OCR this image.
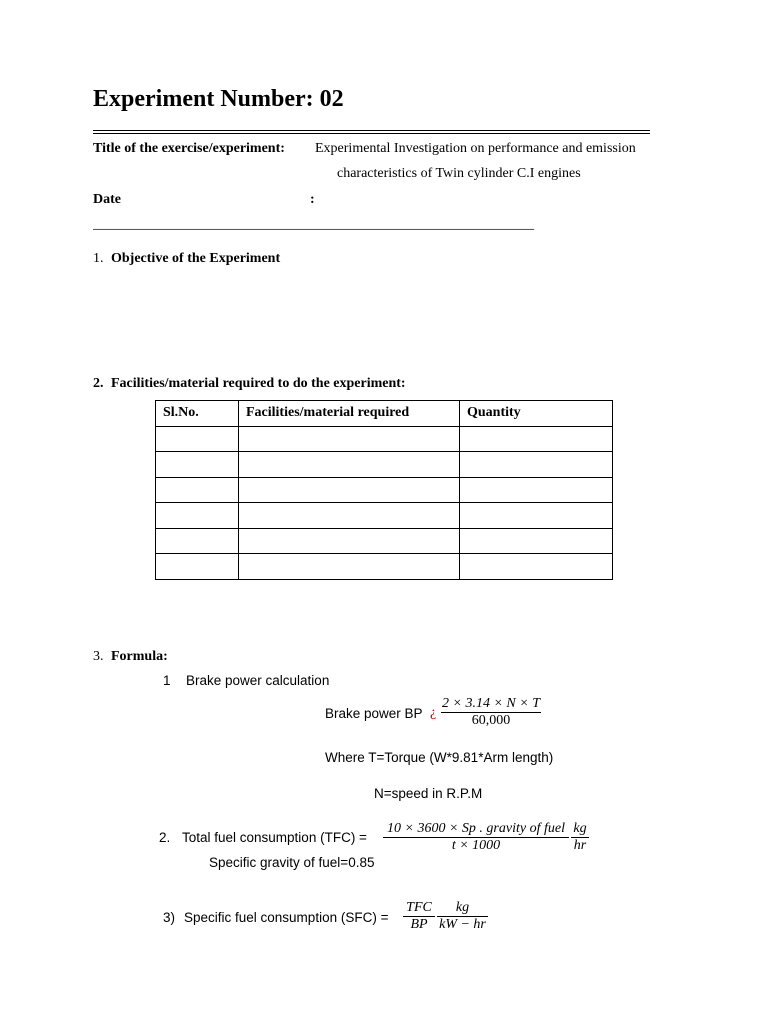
Experiment Number: 02
Title of the exercise/experiment: Experimental Investigation on performance and emission
characteristics of Twin cylinder C.I engines
Date	:
_______________________________________________________________
1. Objective of the Experiment
2. Facilities/material required to do the experiment:
Sl.No.	Facilities/material required	Quantity

3. Formula:
1 Brake power calculation
Brake power BP ¿
2 × 3.14 × N × T
60,000
Where T=Torque (W*9.81*Arm length)
N=speed in R.P.M
2. Total fuel consumption (TFC) =
10 × 3600 × Sp . gravity of fuel
t × 1000
kg
hr
Specific gravity of fuel=0.85
3) Specific fuel consumption (SFC) =
TFC
BP
kg
kW − hr
